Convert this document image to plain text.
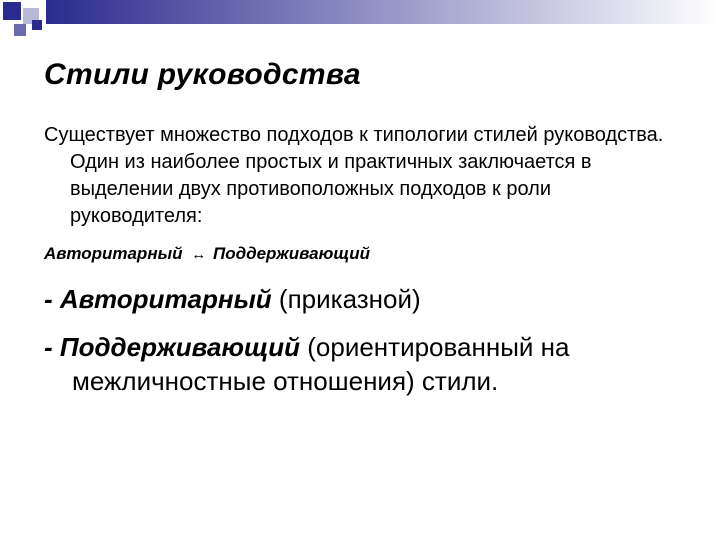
Стили руководства

Существует множество подходов к типологии стилей руководства. Один из наиболее простых и практичных заключается в выделении двух противоположных подходов к роли руководителя:

Авторитарный ↔ Поддерживающий

- Авторитарный (приказной)

- Поддерживающий (ориентированный на межличностные отношения) стили.
